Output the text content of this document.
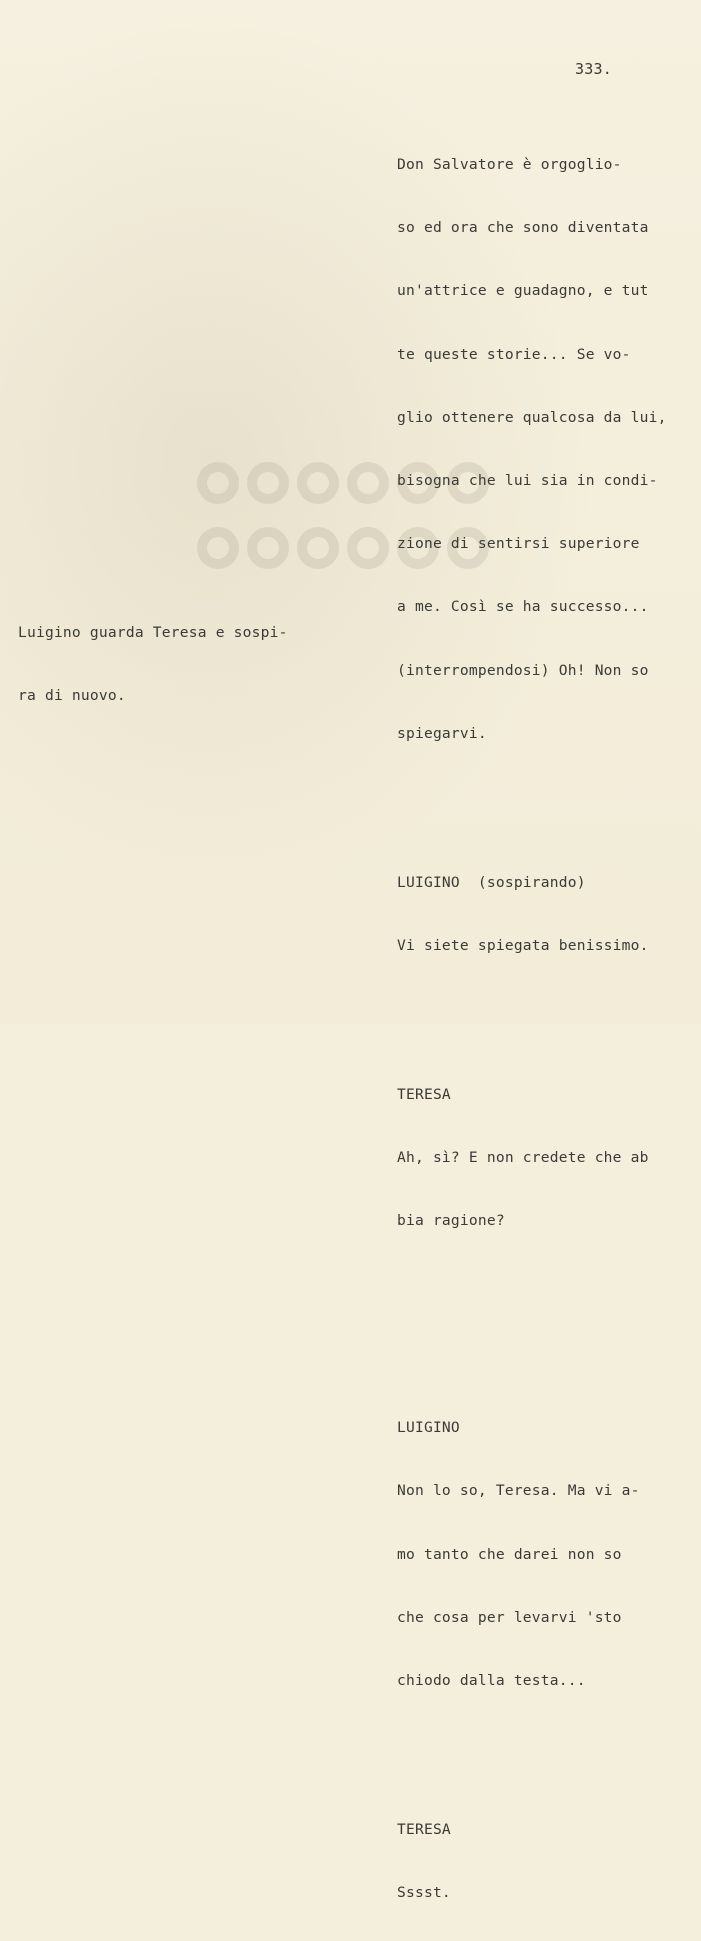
333.

Don Salvatore è orgoglio-

so ed ora che sono diventata

un'attrice e guadagno, e tut

te queste storie... Se vo-

glio ottenere qualcosa da lui,

bisogna che lui sia in condi-

zione di sentirsi superiore

a me. Così se ha successo...

(interrompendosi) Oh! Non so

spiegarvi.

LUIGINO (sospirando)

Vi siete spiegata benissimo.

TERESA

Ah, sì? E non credete che ab

bia ragione?

LUIGINO

Non lo so, Teresa. Ma vi a-

mo tanto che darei non so

che cosa per levarvi 'sto

chiodo dalla testa...

TERESA

Sssst.

Luigino guarda Teresa e sospi-

ra di nuovo.
